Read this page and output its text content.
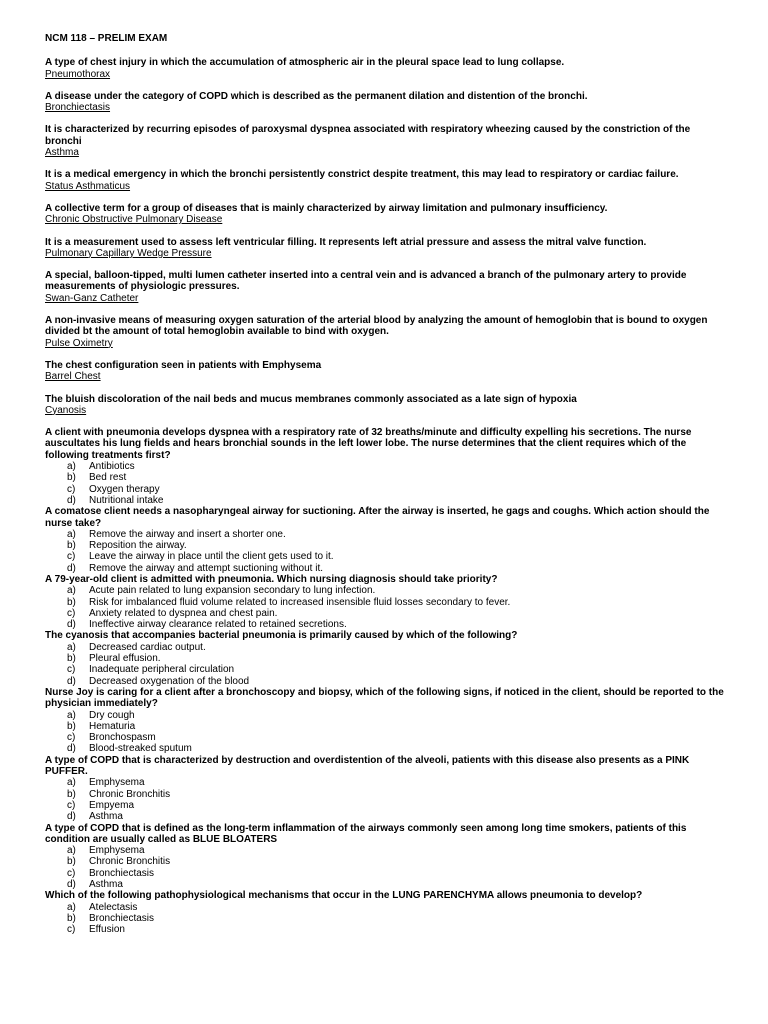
NCM 118 – PRELIM EXAM
A type of chest injury in which the accumulation of atmospheric air in the pleural space lead to lung collapse.
Pneumothorax
A disease under the category of COPD which is described as the permanent dilation and distention of the bronchi.
Bronchiectasis
It is characterized by recurring episodes of paroxysmal dyspnea associated with respiratory wheezing caused by the constriction of the bronchi
Asthma
It is a medical emergency in which the bronchi persistently constrict despite treatment, this may lead to respiratory or cardiac failure.
Status Asthmaticus
A collective term for a group of diseases that is mainly characterized by airway limitation and pulmonary insufficiency.
Chronic Obstructive Pulmonary Disease
It is a measurement used to assess left ventricular filling. It represents left atrial pressure and assess the mitral valve function.
Pulmonary Capillary Wedge Pressure
A special, balloon-tipped, multi lumen catheter inserted into a central vein and is advanced a branch of the pulmonary artery to provide measurements of physiologic pressures.
Swan-Ganz Catheter
A non-invasive means of measuring oxygen saturation of the arterial blood by analyzing the amount of hemoglobin that is bound to oxygen divided bt the amount of total hemoglobin available to bind with oxygen.
Pulse Oximetry
The chest configuration seen in patients with Emphysema
Barrel Chest
The bluish discoloration of the nail beds and mucus membranes commonly associated as a late sign of hypoxia
Cyanosis
A client with pneumonia develops dyspnea with a respiratory rate of 32 breaths/minute and difficulty expelling his secretions. The nurse auscultates his lung fields and hears bronchial sounds in the left lower lobe. The nurse determines that the client requires which of the following treatments first?
a)	Antibiotics
b)	Bed rest
c)	Oxygen therapy
d)	Nutritional intake
A comatose client needs a nasopharyngeal airway for suctioning. After the airway is inserted, he gags and coughs. Which action should the nurse take?
a)	Remove the airway and insert a shorter one.
b)	Reposition the airway.
c)	Leave the airway in place until the client gets used to it.
d)	Remove the airway and attempt suctioning without it.
A 79-year-old client is admitted with pneumonia. Which nursing diagnosis should take priority?
a)	Acute pain related to lung expansion secondary to lung infection.
b)	Risk for imbalanced fluid volume related to increased insensible fluid losses secondary to fever.
c)	Anxiety related to dyspnea and chest pain.
d)	Ineffective airway clearance related to retained secretions.
The cyanosis that accompanies bacterial pneumonia is primarily caused by which of the following?
a)	Decreased cardiac output.
b)	Pleural effusion.
c)	Inadequate peripheral circulation
d)	Decreased oxygenation of the blood
Nurse Joy is caring for a client after a bronchoscopy and biopsy, which of the following signs, if noticed in the client, should be reported to the physician immediately?
a)	Dry cough
b)	Hematuria
c)	Bronchospasm
d)	Blood-streaked sputum
A type of COPD that is characterized by destruction and overdistention of the alveoli, patients with this disease also presents as a PINK PUFFER.
a)	Emphysema
b)	Chronic Bronchitis
c)	Empyema
d)	Asthma
A type of COPD that is defined as the long-term inflammation of the airways commonly seen among long time smokers, patients of this condition are usually called as BLUE BLOATERS
a)	Emphysema
b)	Chronic Bronchitis
c)	Bronchiectasis
d)	Asthma
Which of the following pathophysiological mechanisms that occur in the LUNG PARENCHYMA allows pneumonia to develop?
a)	Atelectasis
b)	Bronchiectasis
c)	Effusion
